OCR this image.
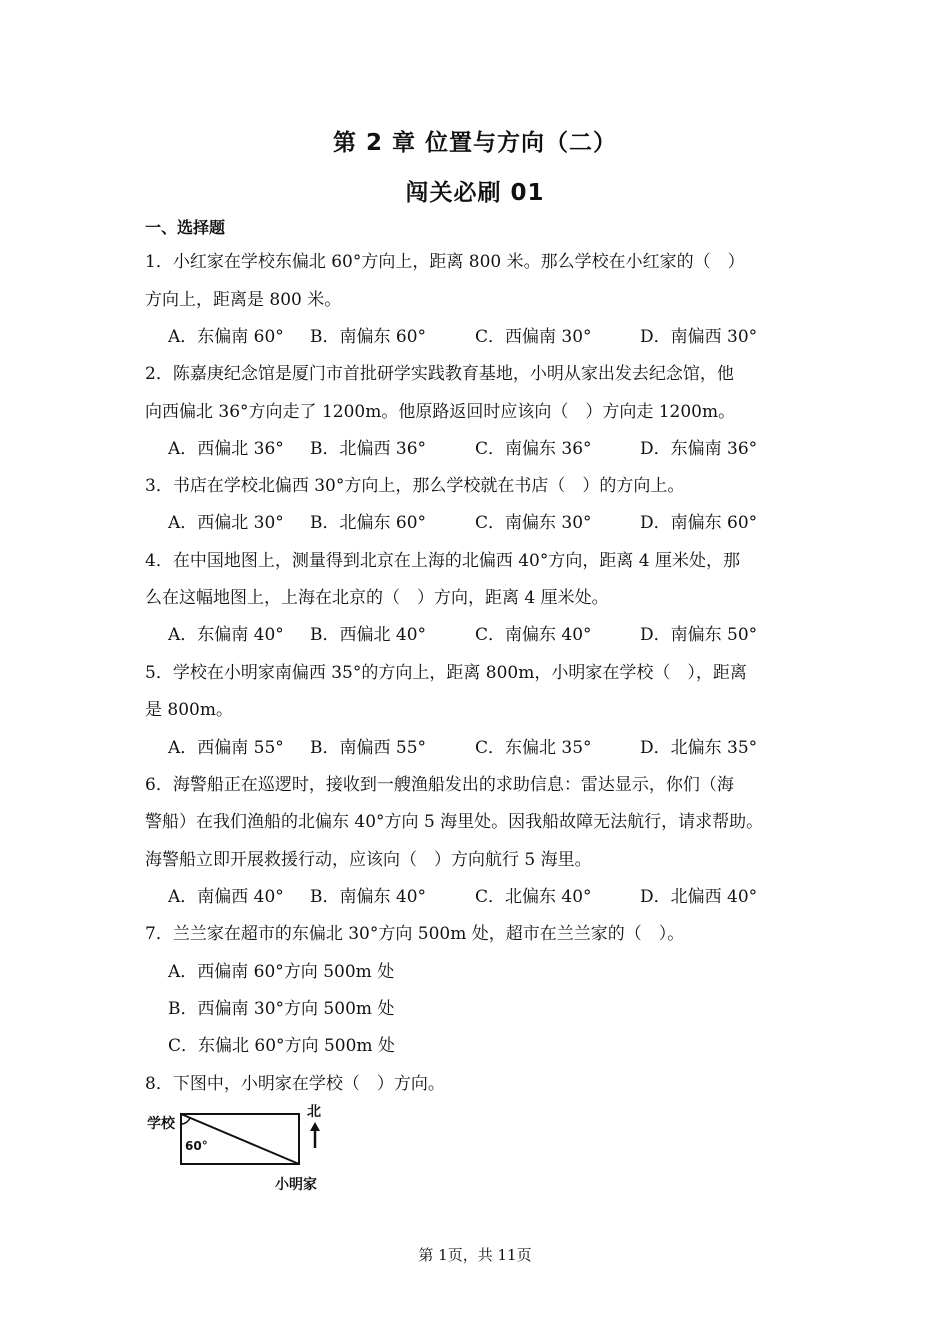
第 2 章 位置与方向（二）
闯关必刷 01
一、选择题
1．小红家在学校东偏北 60°方向上，距离 800 米。那么学校在小红家的（　）
方向上，距离是 800 米。
A．东偏南 60° B．南偏东 60°	C．西偏南 30°	D．南偏西 30°
2．陈嘉庚纪念馆是厦门市首批研学实践教育基地，小明从家出发去纪念馆，他
向西偏北 36°方向走了 1200m。他原路返回时应该向（　）方向走 1200m。
A．西偏北 36° B．北偏西 36°	C．南偏东 36°	D．东偏南 36°
3．书店在学校北偏西 30°方向上，那么学校就在书店（　）的方向上。
A．西偏北 30° B．北偏东 60°	C．南偏东 30°	D．南偏东 60°
4．在中国地图上，测量得到北京在上海的北偏西 40°方向，距离 4 厘米处，那
么在这幅地图上，上海在北京的（　）方向，距离 4 厘米处。
A．东偏南 40° B．西偏北 40°	C．南偏东 40°	D．南偏东 50°
5．学校在小明家南偏西 35°的方向上，距离 800m，小明家在学校（　），距离
是 800m。
A．西偏南 55° B．南偏西 55°	C．东偏北 35°	D．北偏东 35°
6．海警船正在巡逻时，接收到一艘渔船发出的求助信息：雷达显示，你们（海
警船）在我们渔船的北偏东 40°方向 5 海里处。因我船故障无法航行，请求帮助。
海警船立即开展救援行动，应该向（　）方向航行 5 海里。
A．南偏西 40° B．南偏东 40°	C．北偏东 40°	D．北偏西 40°
7．兰兰家在超市的东偏北 30°方向 500m 处，超市在兰兰家的（　）。
A．西偏南 60°方向 500m 处
B．西偏南 30°方向 500m 处
C．东偏北 60°方向 500m 处
8．下图中，小明家在学校（　）方向。
学校
60°
北
小明家
第 1页，共 11页
